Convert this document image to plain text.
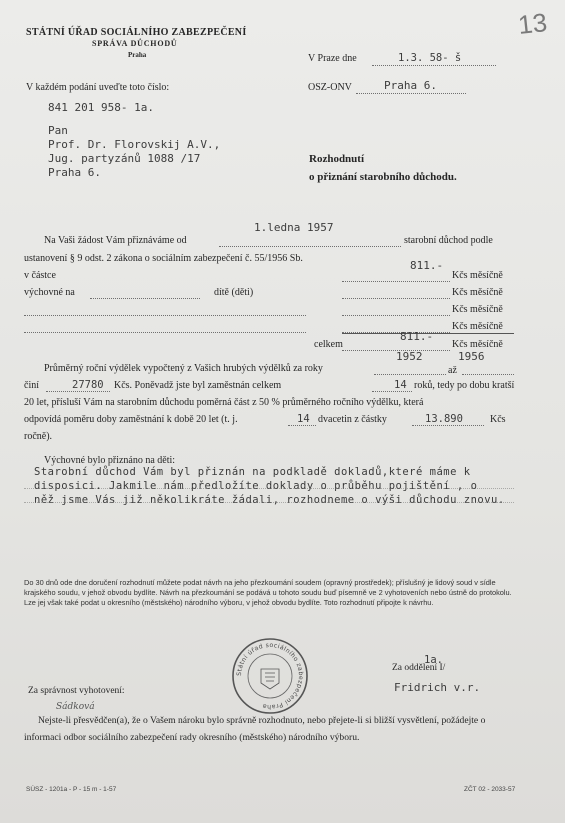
13
STÁTNÍ ÚŘAD SOCIÁLNÍHO ZABEZPEČENÍ
SPRÁVA DŮCHODŮ
Praha	V Praze dne	1.3. 58- š
V každém podání uveďte toto číslo:
841 201 958- 1a.
OSZ-ONV	Praha 6.
Pan
Prof. Dr. Florovskij A.V.,
Jug. partyzánů 1088 /17
Praha 6.
Rozhodnutí
o přiznání starobního důchodu.
1.ledna 1957
Na Vaši žádost Vám přiznáváme od	starobní důchod podle
ustanovení § 9 odst. 2 zákona o sociálním zabezpečení č. 55/1956 Sb.
811.-
v částce	Kčs měsíčně
výchovné na	dítě (děti)	Kčs měsíčně
Kčs měsíčně
Kčs měsíčně
811.-
celkem	Kčs měsíčně
1952	1956
Průměrný roční výdělek vypočtený z Vašich hrubých výdělků za roky	až
činí	27780 Kčs. Poněvadž jste byl zaměstnán celkem	14 roků, tedy po dobu kratší
20 let, přísluší Vám na starobním důchodu poměrná část z 50 % průměrného ročního výdělku, která
odpovídá poměru doby zaměstnání k době 20 let (t. j.	14 dvacetin z částky	13.890	Kčs
ročně).
Výchovné bylo přiznáno na děti:
Starobní důchod Vám byl přiznán na podkladě dokladů,které máme k
disposici. Jakmile nám předložíte doklady o průběhu pojištění , o
něž jsme Vás již několikráte žádali, rozhodneme o výši důchodu znovu.
Do 30 dnů ode dne doručení rozhodnutí můžete podat návrh na jeho přezkoumání soudem (opravný prostředek); příslušný je lidový soud v sídle krajského soudu, v jehož obvodu bydlíte. Návrh na přezkoumání se podává u tohoto soudu buď písemně ve 2 vyhotoveních nebo ústně do protokolu. Lze jej však také podat u okresního (městského) národního výboru, v jehož obvodu bydlíte. Toto rozhodnutí připojte k návrhu.
Státní úřad sociálního zabezpečení Praha
1a.
Za oddělení I/
Fridrich v.r.
Za správnost vyhotovení:
Sádková
Nejste-li přesvědčen(a), že o Vašem nároku bylo správně rozhodnuto, nebo přejete-li si bližší vysvětlení, požádejte o informaci odbor sociálního zabezpečení rady okresního (městského) národního výboru.
SÚSZ - 1201a - P - 15 m - 1-57	ZČT 02 - 2033-57
